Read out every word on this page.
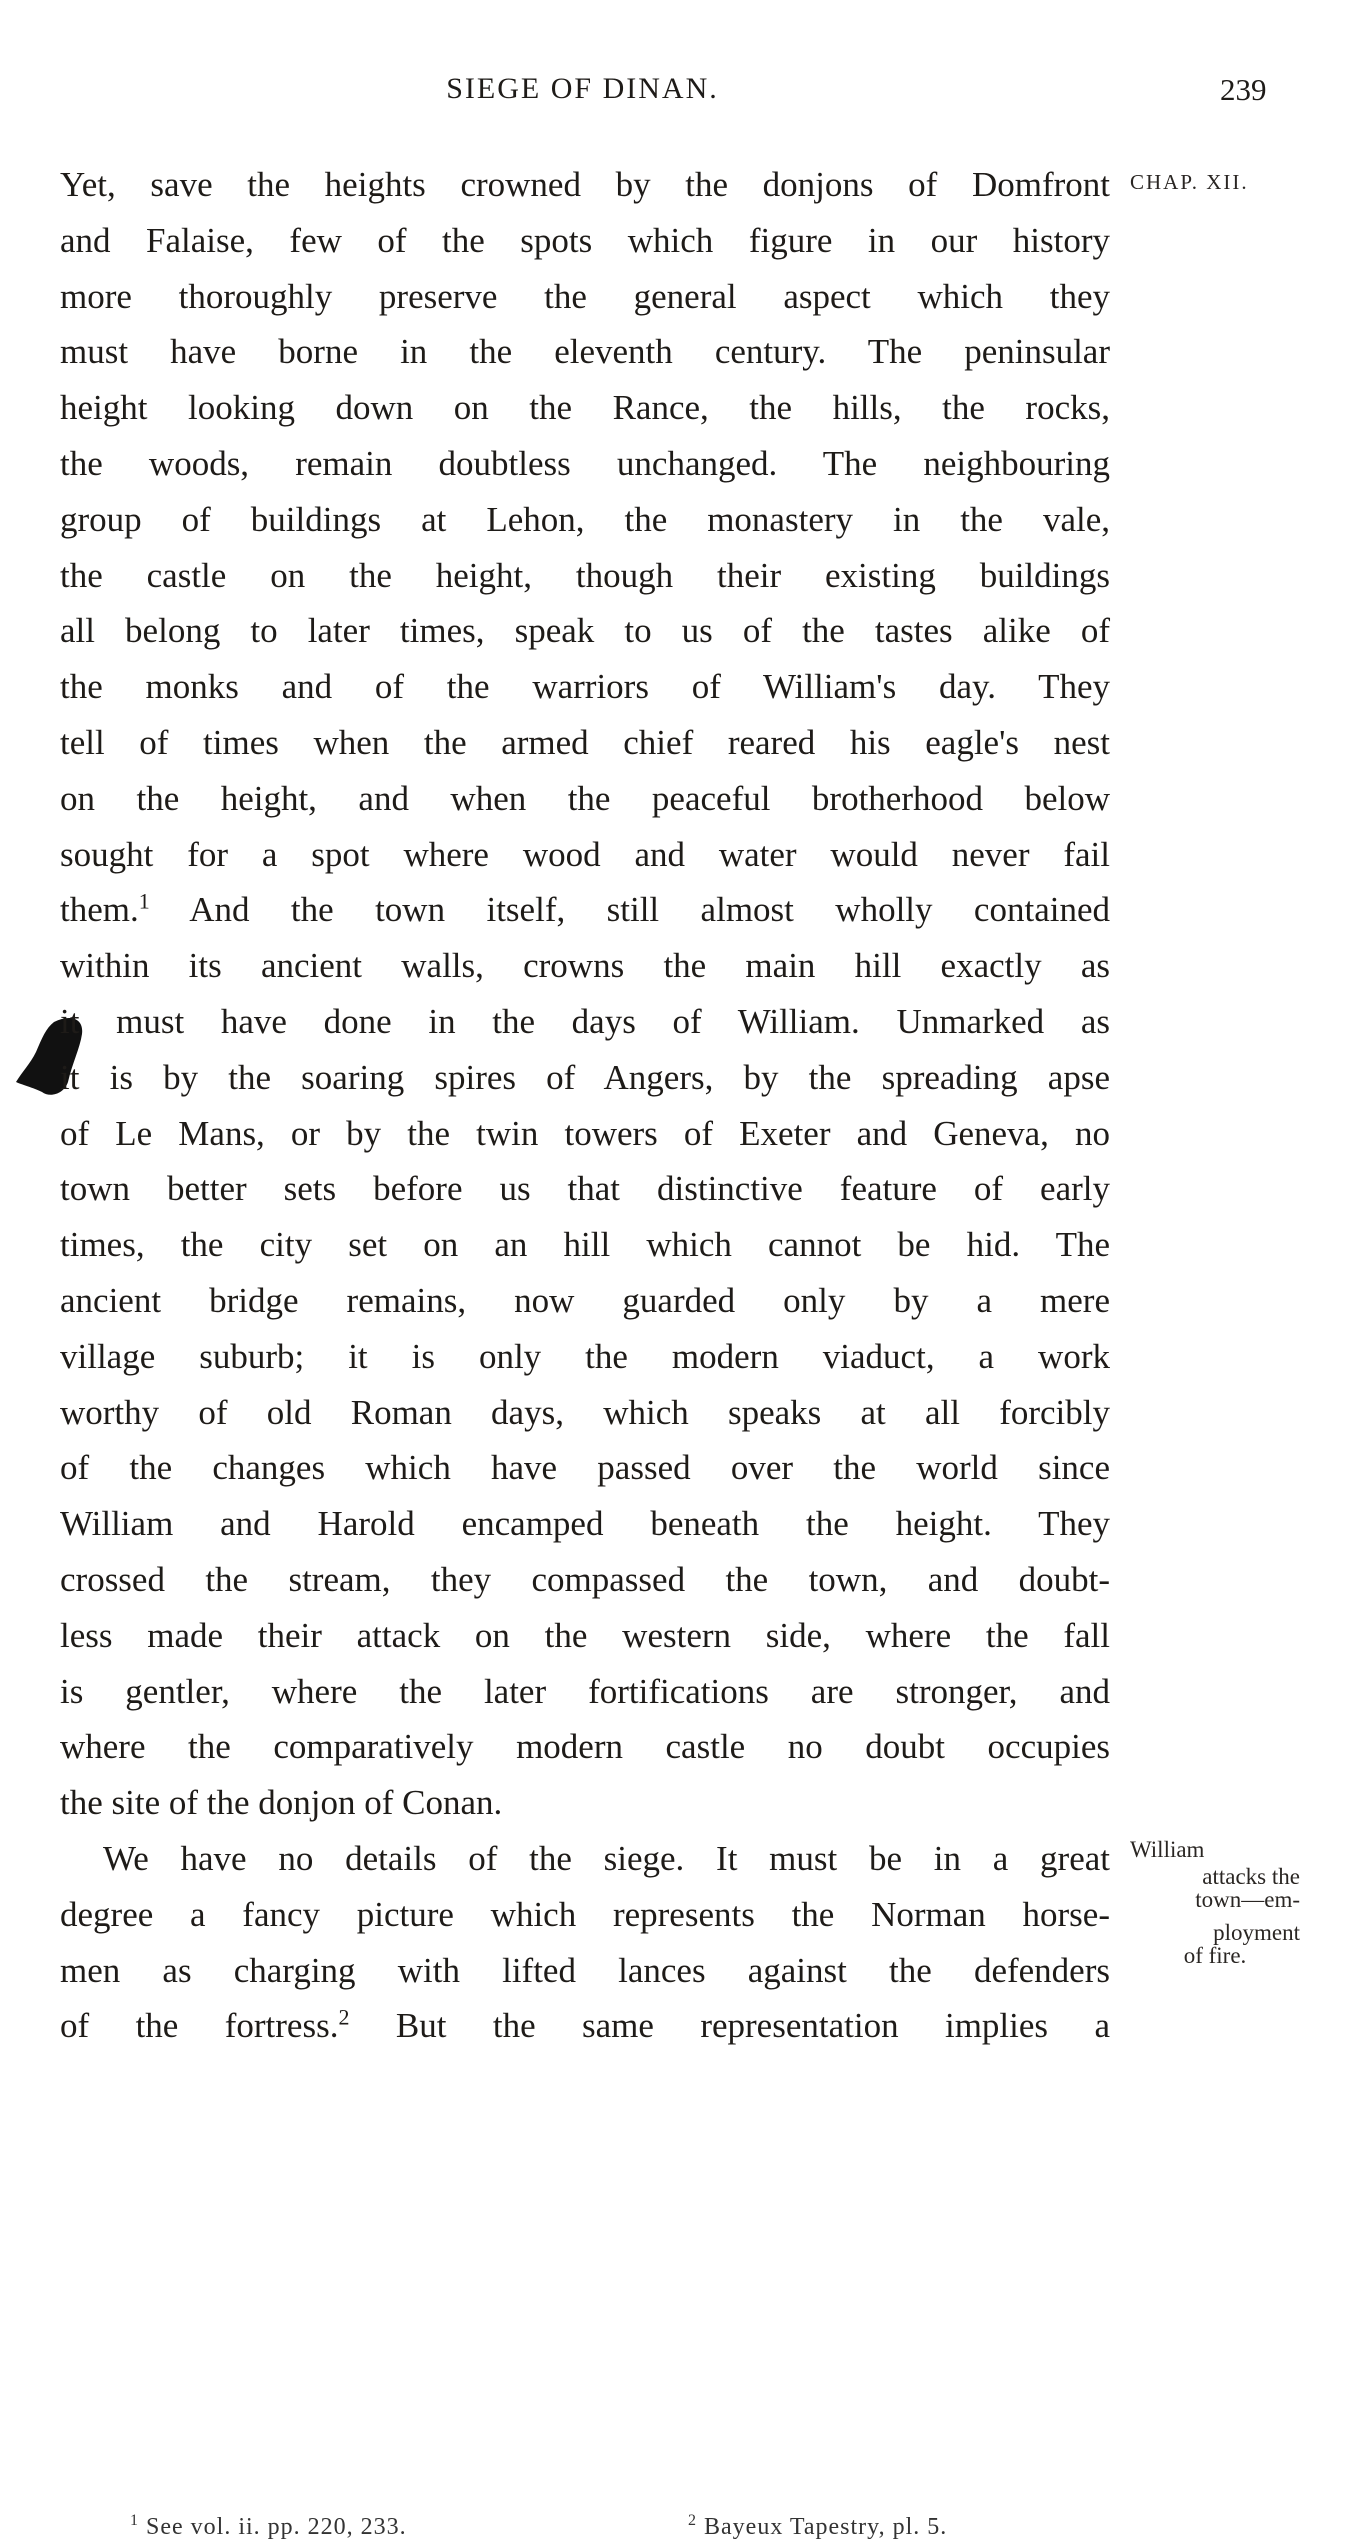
SIEGE OF DINAN.	239
CHAP. XII.
William
attacks the
town—em-
ployment
of fire.
Yet, save the heights crowned by the donjons of Domfront
and Falaise, few of the spots which figure in our history
more thoroughly preserve the general aspect which they
must have borne in the eleventh century. The peninsular
height looking down on the Rance, the hills, the rocks,
the woods, remain doubtless unchanged. The neighbouring
group of buildings at Lehon, the monastery in the vale,
the castle on the height, though their existing buildings
all belong to later times, speak to us of the tastes alike of
the monks and of the warriors of William's day. They
tell of times when the armed chief reared his eagle's nest
on the height, and when the peaceful brotherhood below
sought for a spot where wood and water would never fail
them.$^1$ And the town itself, still almost wholly contained
within its ancient walls, crowns the main hill exactly as
it must have done in the days of William. Unmarked as
it is by the soaring spires of Angers, by the spreading apse
of Le Mans, or by the twin towers of Exeter and Geneva, no
town better sets before us that distinctive feature of early
times, the city set on an hill which cannot be hid. The
ancient bridge remains, now guarded only by a mere
village suburb; it is only the modern viaduct, a work
worthy of old Roman days, which speaks at all forcibly
of the changes which have passed over the world since
William and Harold encamped beneath the height. They
crossed the stream, they compassed the town, and doubt-
less made their attack on the western side, where the fall
is gentler, where the later fortifications are stronger, and
where the comparatively modern castle no doubt occupies
the site of the donjon of Conan.
We have no details of the siege. It must be in a great
degree a fancy picture which represents the Norman horse-
men as charging with lifted lances against the defenders
of the fortress.$^2$ But the same representation implies a
$^1$ See vol. ii. pp. 220, 233.	$^2$ Bayeux Tapestry, pl. 5.
